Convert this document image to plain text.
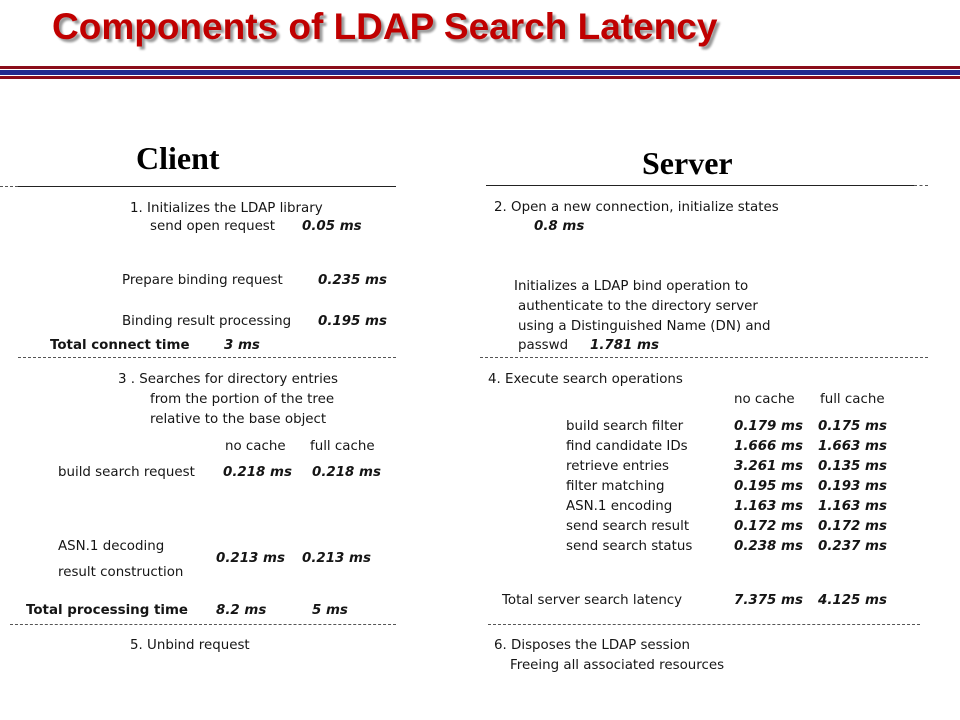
Components of LDAP Search Latency
Client	Server
1. Initializes the LDAP library
send open request 0.05 ms
Prepare binding request	0.235 ms
Binding result processing 0.195 ms
Total connect time	3 ms
3 . Searches for directory entries
from the portion of the tree
relative to the base object
no cache full cache
build search request 0.218 ms 0.218 ms
ASN.1 decoding
result construction
0.213 ms 0.213 ms
Total processing time 8.2 ms	5 ms
5. Unbind request
2. Open a new connection, initialize states
0.8 ms
Initializes a LDAP bind operation to
authenticate to the directory server
using a Distinguished Name (DN) and
passwd 1.781 ms
4. Execute search operations
no cache full cache
build search filter	0.179 ms 0.175 ms
find candidate IDs	1.666 ms 1.663 ms
retrieve entries	3.261 ms 0.135 ms
filter matching	0.195 ms 0.193 ms
ASN.1 encoding	1.163 ms 1.163 ms
send search result	0.172 ms 0.172 ms
send search status	0.238 ms 0.237 ms
Total server search latency	7.375 ms 4.125 ms
6. Disposes the LDAP session
Freeing all associated resources
